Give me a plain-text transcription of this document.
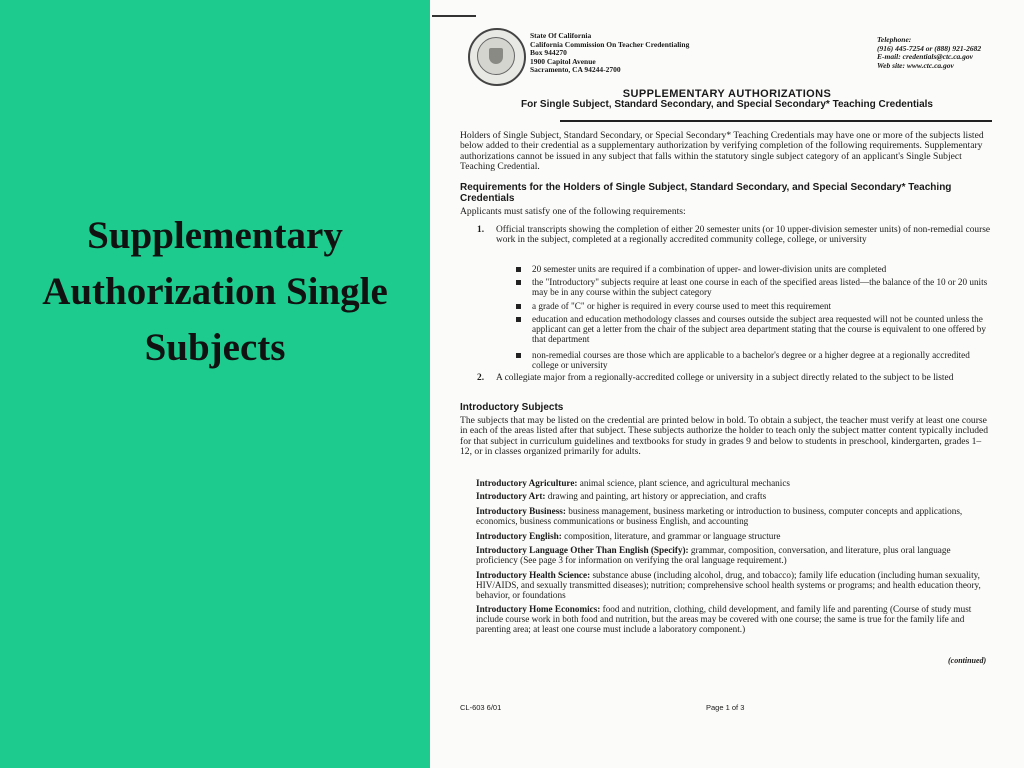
Supplementary
Authorization Single
Subjects
State Of California
California Commission On Teacher Credentialing
Box 944270
1900 Capitol Avenue
Sacramento, CA 94244-2700
Telephone:
(916) 445-7254 or (888) 921-2682
E-mail: credentials@ctc.ca.gov
Web site: www.ctc.ca.gov
SUPPLEMENTARY AUTHORIZATIONS
For Single Subject, Standard Secondary, and Special Secondary* Teaching Credentials

Holders of Single Subject, Standard Secondary, or Special Secondary* Teaching Credentials may have one or more of the subjects listed below added to their credential as a supplementary authorization by verifying completion of the following requirements. Supplementary authorizations cannot be issued in any subject that falls within the statutory single subject category of an applicant's Single Subject Teaching Credential.

Requirements for the Holders of Single Subject, Standard Secondary, and Special Secondary* Teaching Credentials

Applicants must satisfy one of the following requirements:

1. Official transcripts showing the completion of either 20 semester units (or 10 upper-division semester units) of non-remedial course work in the subject, completed at a regionally accredited community college, college, or university
20 semester units are required if a combination of upper- and lower-division units are completed
the "Introductory" subjects require at least one course in each of the specified areas listed—the balance of the 10 or 20 units may be in any course within the subject category
a grade of "C" or higher is required in every course used to meet this requirement
education and education methodology classes and courses outside the subject area requested will not be counted unless the applicant can get a letter from the chair of the subject area department stating that the course is equivalent to one offered by that department
non-remedial courses are those which are applicable to a bachelor's degree or a higher degree at a regionally accredited college or university
2. A collegiate major from a regionally-accredited college or university in a subject directly related to the subject to be listed

Introductory Subjects

The subjects that may be listed on the credential are printed below in bold. To obtain a subject, the teacher must verify at least one course in each of the areas listed after that subject. These subjects authorize the holder to teach only the subject matter content typically included for that subject in curriculum guidelines and textbooks for study in grades 9 and below to students in preschool, kindergarten, grades 1–12, or in classes organized primarily for adults.

Introductory Agriculture: animal science, plant science, and agricultural mechanics
Introductory Art: drawing and painting, art history or appreciation, and crafts
Introductory Business: business management, business marketing or introduction to business, computer concepts and applications, economics, business communications or business English, and accounting
Introductory English: composition, literature, and grammar or language structure
Introductory Language Other Than English (Specify): grammar, composition, conversation, and literature, plus oral language proficiency (See page 3 for information on verifying the oral language requirement.)
Introductory Health Science: substance abuse (including alcohol, drug, and tobacco); family life education (including human sexuality, HIV/AIDS, and sexually transmitted diseases); nutrition; comprehensive school health systems or programs; and health education theory, behavior, or foundations
Introductory Home Economics: food and nutrition, clothing, child development, and family life and parenting (Course of study must include course work in both food and nutrition, but the areas may be covered with one course; the same is true for the family life and parenting area; at least one course must include a laboratory component.)
(continued)
CL-603 6/01	Page 1 of 3
